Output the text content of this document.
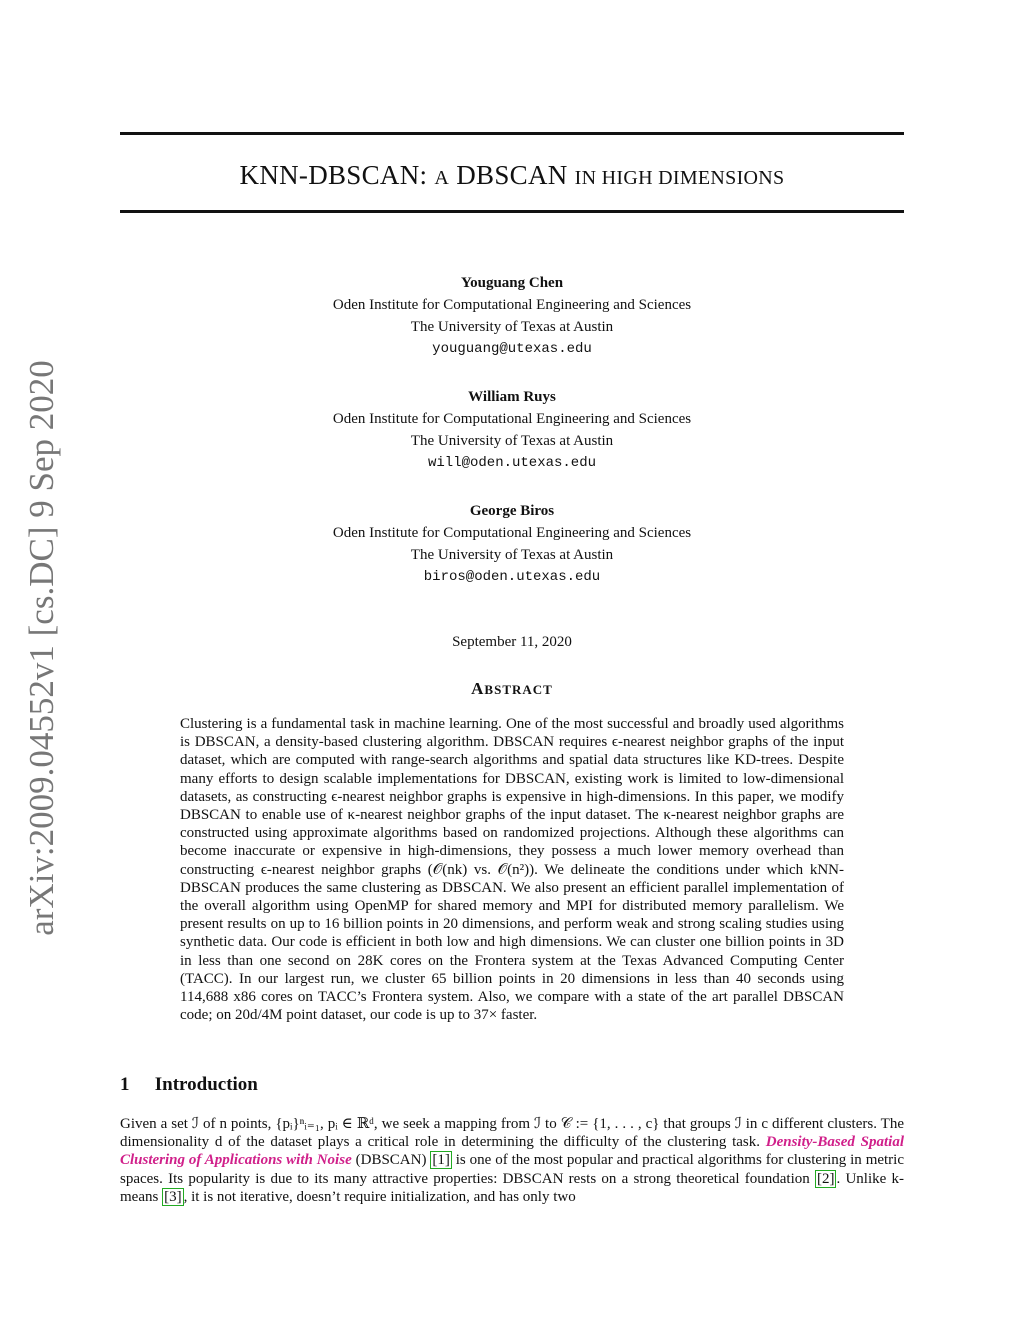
KNN-DBSCAN: A DBSCAN IN HIGH DIMENSIONS
arXiv:2009.04552v1 [cs.DC] 9 Sep 2020
Youguang Chen
Oden Institute for Computational Engineering and Sciences
The University of Texas at Austin
youguang@utexas.edu
William Ruys
Oden Institute for Computational Engineering and Sciences
The University of Texas at Austin
will@oden.utexas.edu
George Biros
Oden Institute for Computational Engineering and Sciences
The University of Texas at Austin
biros@oden.utexas.edu
September 11, 2020
ABSTRACT

Clustering is a fundamental task in machine learning. One of the most successful and broadly used algorithms is DBSCAN, a density-based clustering algorithm. DBSCAN requires ϵ-nearest neighbor graphs of the input dataset, which are computed with range-search algorithms and spatial data structures like KD-trees. Despite many efforts to design scalable implementations for DBSCAN, existing work is limited to low-dimensional datasets, as constructing ϵ-nearest neighbor graphs is expensive in high-dimensions. In this paper, we modify DBSCAN to enable use of κ-nearest neighbor graphs of the input dataset. The κ-nearest neighbor graphs are constructed using approximate algorithms based on randomized projections. Although these algorithms can become inaccurate or expensive in high-dimensions, they possess a much lower memory overhead than constructing ϵ-nearest neighbor graphs (𝒪(nk) vs. 𝒪(n²)). We delineate the conditions under which kNN-DBSCAN produces the same clustering as DBSCAN. We also present an efficient parallel implementation of the overall algorithm using OpenMP for shared memory and MPI for distributed memory parallelism. We present results on up to 16 billion points in 20 dimensions, and perform weak and strong scaling studies using synthetic data. Our code is efficient in both low and high dimensions. We can cluster one billion points in 3D in less than one second on 28K cores on the Frontera system at the Texas Advanced Computing Center (TACC). In our largest run, we cluster 65 billion points in 20 dimensions in less than 40 seconds using 114,688 x86 cores on TACC’s Frontera system. Also, we compare with a state of the art parallel DBSCAN code; on 20d/4M point dataset, our code is up to 37× faster.

1 Introduction

Given a set ℐ of n points, {pᵢ}ⁿᵢ₌₁, pᵢ ∈ ℝᵈ, we seek a mapping from ℐ to 𝒞 := {1, . . . , c} that groups ℐ in c different clusters. The dimensionality d of the dataset plays a critical role in determining the difficulty of the clustering task. Density-Based Spatial Clustering of Applications with Noise (DBSCAN) [1] is one of the most popular and practical algorithms for clustering in metric spaces. Its popularity is due to its many attractive properties: DBSCAN rests on a strong theoretical foundation [2] . Unlike k-means [3] , it is not iterative, doesn’t require initialization, and has only two
